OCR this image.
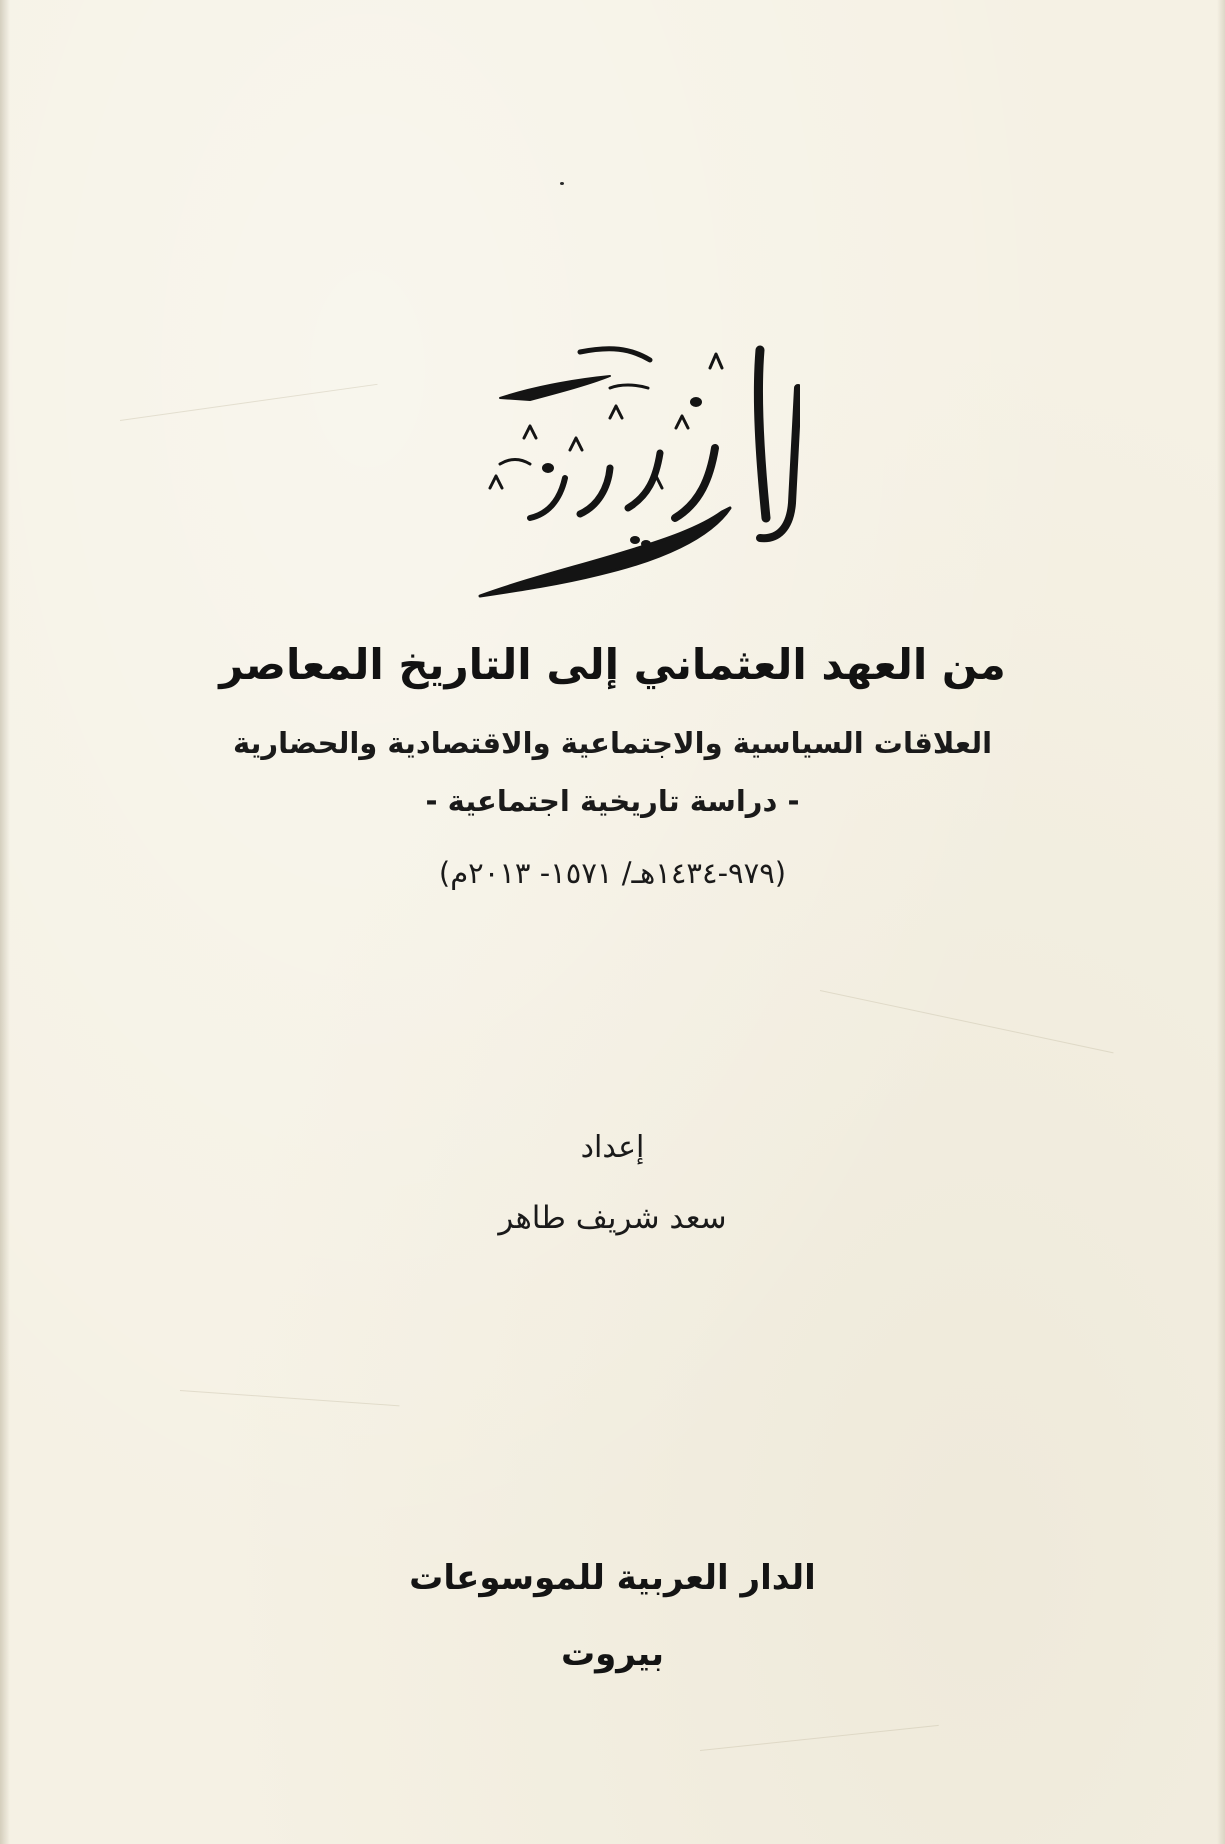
من العهد العثماني إلى التاريخ المعاصر
العلاقات السياسية والاجتماعية والاقتصادية والحضارية
- دراسة تاريخية اجتماعية -
(٩٧٩-١٤٣٤هـ/ ١٥٧١- ٢٠١٣م)
إعداد
سعد شريف طاهر
الدار العربية للموسوعات
بيروت
